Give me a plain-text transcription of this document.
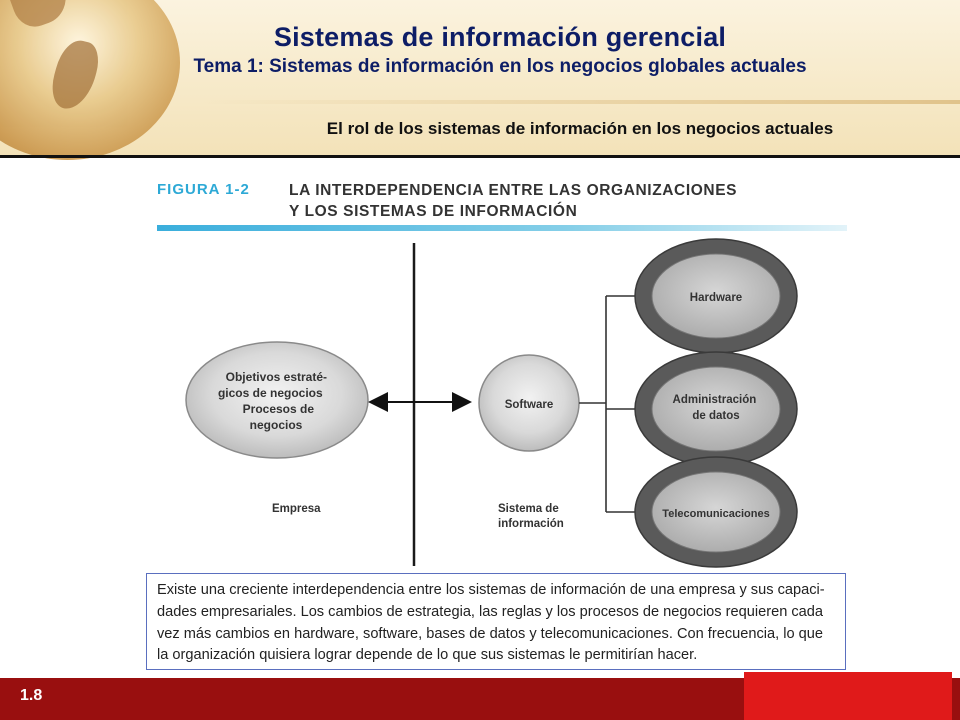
Sistemas de información gerencial
Tema 1: Sistemas de información en los negocios globales actuales
El rol de los sistemas de información en los negocios actuales
FIGURA 1-2	LA INTERDEPENDENCIA ENTRE LAS ORGANIZACIONES
Y LOS SISTEMAS DE INFORMACIÓN
Objetivos estraté- gicos de negocios Procesos de negocios
Software
Hardware
Administración de datos
Telecomunicaciones
Empresa	Sistema de información
Existe una creciente interdependencia entre los sistemas de información de una empresa y sus capaci-
dades empresariales. Los cambios de estrategia, las reglas y los procesos de negocios requieren cada
vez más cambios en hardware, software, bases de datos y telecomunicaciones. Con frecuencia, lo que
la organización quisiera lograr depende de lo que sus sistemas le permitirían hacer.
1.8
